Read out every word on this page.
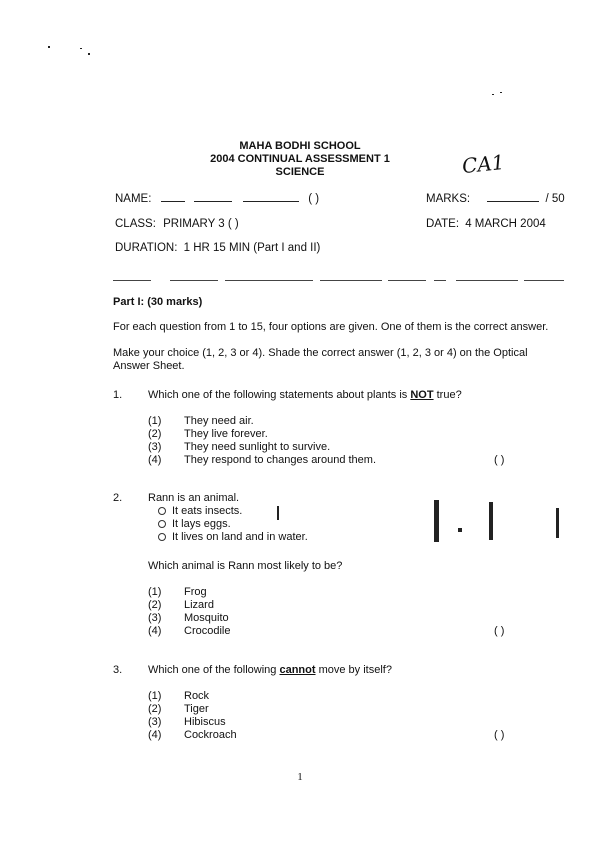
MAHA BODHI SCHOOL
2004 CONTINUAL ASSESSMENT 1
SCIENCE	CA1
NAME:	( )	MARKS:	/ 50
CLASS: PRIMARY 3 ( )	DATE: 4 MARCH 2004
DURATION: 1 HR 15 MIN (Part I and II)
Part I: (30 marks)
For each question from 1 to 15, four options are given. One of them is the correct answer.
Make your choice (1, 2, 3 or 4). Shade the correct answer (1, 2, 3 or 4) on the Optical Answer Sheet.
1. Which one of the following statements about plants is NOT true?
(1) They need air.
(2) They live forever.
(3) They need sunlight to survive.
(4) They respond to changes around them.	( )
2. Rann is an animal.
It eats insects.
It lays eggs.
It lives on land and in water.
Which animal is Rann most likely to be?
(1) Frog
(2) Lizard
(3) Mosquito
(4) Crocodile	( )
3. Which one of the following cannot move by itself?
(1) Rock
(2) Tiger
(3) Hibiscus
(4) Cockroach	( )
1
